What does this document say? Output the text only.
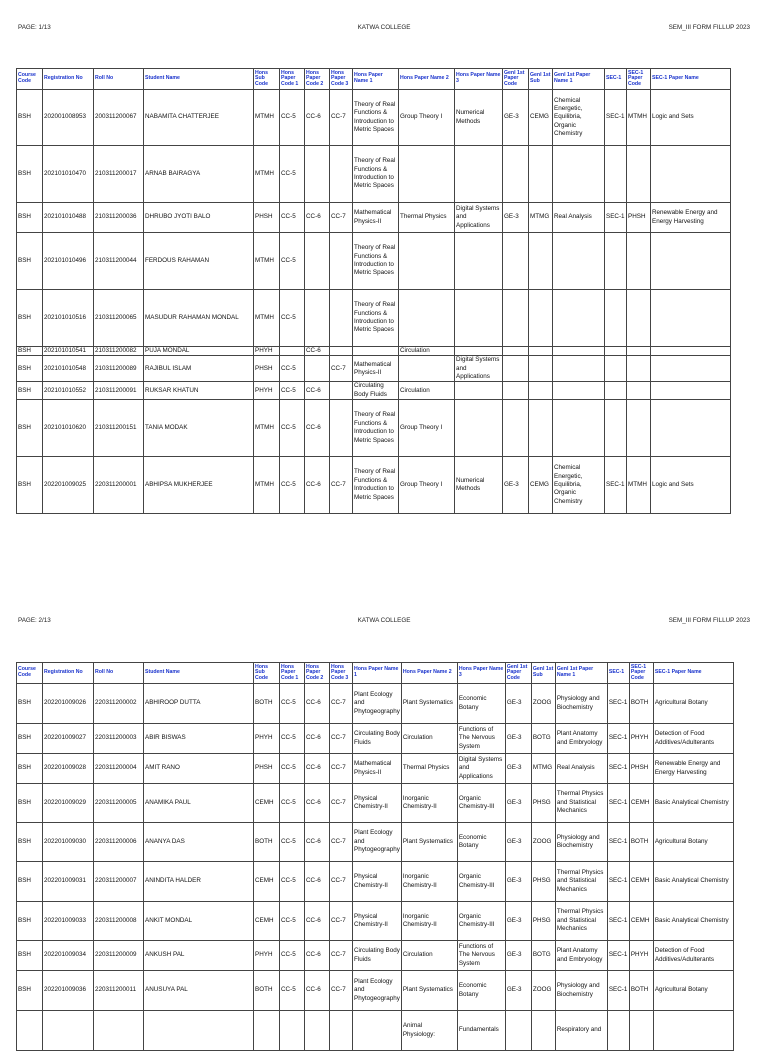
PAGE: 1/13	KATWA COLLEGE	SEM_III FORM FILLUP 2023
Course Code	Registration No	Roll No	Student Name	Hons Sub Code	Hons Paper Code 1	Hons Paper Code 2	Hons Paper Code 3	Hons Paper Name 1	Hons Paper Name 2	Hons Paper Name 3	Genl 1st Paper Code	Genl 1st Sub	Genl 1st Paper Name 1	SEC-1	SEC-1 Paper Code	SEC-1 Paper Name
BSH	202001008953	200311200067	NABAMITA CHATTERJEE	MTMH	CC-5	CC-6	CC-7	Theory of Real Functions & Introduction to Metric Spaces	Group Theory I	Numerical Methods	GE-3	CEMG	Chemical Energetic, Equilibria, Organic Chemistry	SEC-1	MTMH	Logic and Sets
BSH	202101010470	210311200017	ARNAB BAIRAGYA	MTMH	CC-5			Theory of Real Functions & Introduction to Metric Spaces								
BSH	202101010488	210311200036	DHRUBO JYOTI BALO	PHSH	CC-5	CC-6	CC-7	Mathematical Physics-II	Thermal Physics	Digital Systems and Applications	GE-3	MTMG	Real Analysis	SEC-1	PHSH	Renewable Energy and Energy Harvesting
BSH	202101010496	210311200044	FERDOUS RAHAMAN	MTMH	CC-5			Theory of Real Functions & Introduction to Metric Spaces								
BSH	202101010516	210311200065	MASUDUR RAHAMAN MONDAL	MTMH	CC-5			Theory of Real Functions & Introduction to Metric Spaces								
BSH	202101010541	210311200082	PUJA MONDAL	PHYH		CC-6			Circulation							
BSH	202101010548	210311200089	RAJIBUL ISLAM	PHSH	CC-5		CC-7	Mathematical Physics-II		Digital Systems and Applications						
BSH	202101010552	210311200091	RUKSAR KHATUN	PHYH	CC-5	CC-6		Circulating Body Fluids	Circulation							
BSH	202101010620	210311200151	TANIA MODAK	MTMH	CC-5	CC-6		Theory of Real Functions & Introduction to Metric Spaces	Group Theory I							
BSH	202201009025	220311200001	ABHIPSA MUKHERJEE	MTMH	CC-5	CC-6	CC-7	Theory of Real Functions & Introduction to Metric Spaces	Group Theory I	Numerical Methods	GE-3	CEMG	Chemical Energetic, Equilibria, Organic Chemistry	SEC-1	MTMH	Logic and Sets
PAGE: 2/13	KATWA COLLEGE	SEM_III FORM FILLUP 2023
Course Code	Registration No	Roll No	Student Name	Hons Sub Code	Hons Paper Code 1	Hons Paper Code 2	Hons Paper Code 3	Hons Paper Name 1	Hons Paper Name 2	Hons Paper Name 3	Genl 1st Paper Code	Genl 1st Sub	Genl 1st Paper Name 1	SEC-1	SEC-1 Paper Code	SEC-1 Paper Name
BSH	202201009026	220311200002	ABHIROOP DUTTA	BOTH	CC-5	CC-6	CC-7	Plant Ecology and Phytogeography	Plant Systematics	Economic Botany	GE-3	ZOOG	Physiology and Biochemistry	SEC-1	BOTH	Agricultural Botany
BSH	202201009027	220311200003	ABIR BISWAS	PHYH	CC-5	CC-6	CC-7	Circulating Body Fluids	Circulation	Functions of The Nervous System	GE-3	BOTG	Plant Anatomy and Embryology	SEC-1	PHYH	Detection of Food Additives/Adulterants
BSH	202201009028	220311200004	AMIT RANO	PHSH	CC-5	CC-6	CC-7	Mathematical Physics-II	Thermal Physics	Digital Systems and Applications	GE-3	MTMG	Real Analysis	SEC-1	PHSH	Renewable Energy and Energy Harvesting
BSH	202201009029	220311200005	ANAMIKA PAUL	CEMH	CC-5	CC-6	CC-7	Physical Chemistry-II	Inorganic Chemistry-II	Organic Chemistry-III	GE-3	PHSG	Thermal Physics and Statistical Mechanics	SEC-1	CEMH	Basic Analytical Chemistry
BSH	202201009030	220311200006	ANANYA DAS	BOTH	CC-5	CC-6	CC-7	Plant Ecology and Phytogeography	Plant Systematics	Economic Botany	GE-3	ZOOG	Physiology and Biochemistry	SEC-1	BOTH	Agricultural Botany
BSH	202201009031	220311200007	ANINDITA HALDER	CEMH	CC-5	CC-6	CC-7	Physical Chemistry-II	Inorganic Chemistry-II	Organic Chemistry-III	GE-3	PHSG	Thermal Physics and Statistical Mechanics	SEC-1	CEMH	Basic Analytical Chemistry
BSH	202201009033	220311200008	ANKIT MONDAL	CEMH	CC-5	CC-6	CC-7	Physical Chemistry-II	Inorganic Chemistry-II	Organic Chemistry-III	GE-3	PHSG	Thermal Physics and Statistical Mechanics	SEC-1	CEMH	Basic Analytical Chemistry
BSH	202201009034	220311200009	ANKUSH PAL	PHYH	CC-5	CC-6	CC-7	Circulating Body Fluids	Circulation	Functions of The Nervous System	GE-3	BOTG	Plant Anatomy and Embryology	SEC-1	PHYH	Detection of Food Additives/Adulterants
BSH	202201009036	220311200011	ANUSUYA PAL	BOTH	CC-5	CC-6	CC-7	Plant Ecology and Phytogeography	Plant Systematics	Economic Botany	GE-3	ZOOG	Physiology and Biochemistry	SEC-1	BOTH	Agricultural Botany
									Animal Physiology:	Fundamentals			Respiratory and			
